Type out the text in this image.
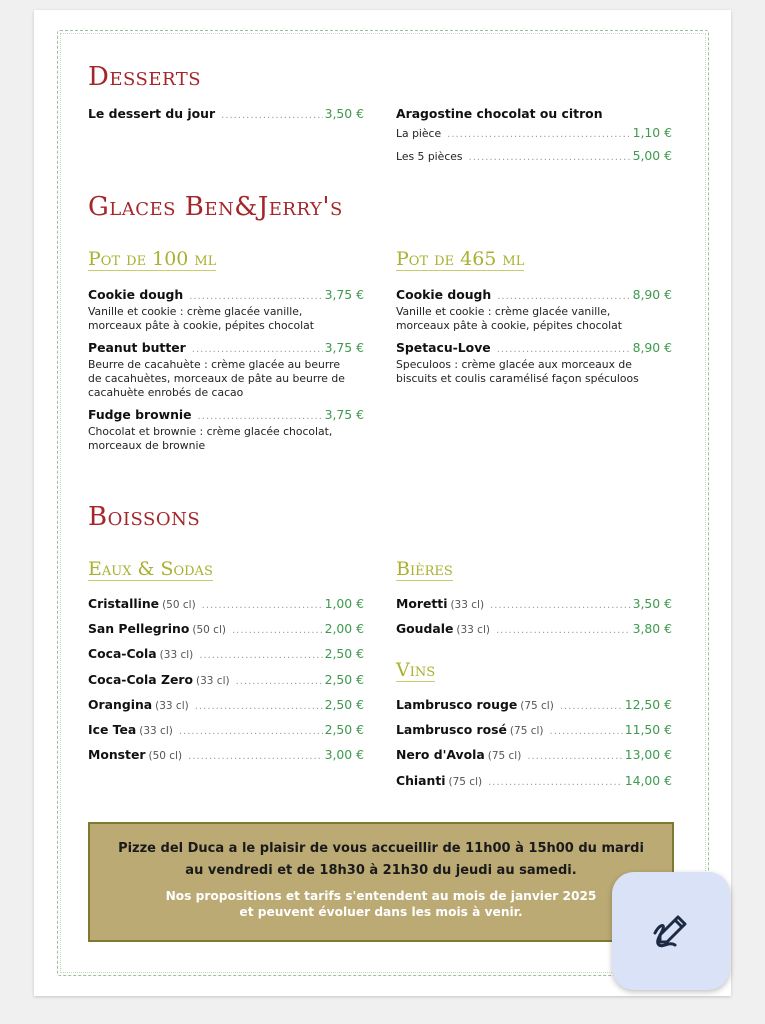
Desserts
Le dessert du jour .....	3,50 €	Aragostine chocolat ou citron
La pièce .....	1,10 €
Les 5 pièces .....	5,00 €
Glaces Ben&Jerry's
Pot de 100 ml	Pot de 465 ml
Cookie dough .....	3,75 €
Vanille et cookie : crème glacée vanille,
morceaux pâte à cookie, pépites chocolat
Peanut butter .....	3,75 €
Beurre de cacahuète : crème glacée au beurre
de cacahuètes, morceaux de pâte au beurre de
cacahuète enrobés de cacao
Fudge brownie .....	3,75 €
Chocolat et brownie : crème glacée chocolat,
morceaux de brownie
Cookie dough .....	8,90 €
Vanille et cookie : crème glacée vanille,
morceaux pâte à cookie, pépites chocolat
Spetacu-Love .....	8,90 €
Speculoos : crème glacée aux morceaux de
biscuits et coulis caramélisé façon spéculoos
Boissons
Eaux & Sodas	Bières
Vins
Cristalline (50 cl) .....	1,00 €
San Pellegrino (50 cl) .....	2,00 €
Coca-Cola (33 cl) .....	2,50 €
Coca-Cola Zero (33 cl) .....	2,50 €
Orangina (33 cl) .....	2,50 €
Ice Tea (33 cl) .....	2,50 €
Monster (50 cl) .....	3,00 €
Moretti (33 cl) .....	3,50 €
Goudale (33 cl) .....	3,80 €
Lambrusco rouge (75 cl) .....	12,50 €
Lambrusco rosé (75 cl) .....	11,50 €
Nero d'Avola (75 cl) .....	13,00 €
Chianti (75 cl) .....	14,00 €
Pizze del Duca a le plaisir de vous accueillir de 11h00 à 15h00 du mardi au vendredi et de 18h30 à 21h30 du jeudi au samedi.
Nos propositions et tarifs s'entendent au mois de janvier 2025
et peuvent évoluer dans les mois à venir.
